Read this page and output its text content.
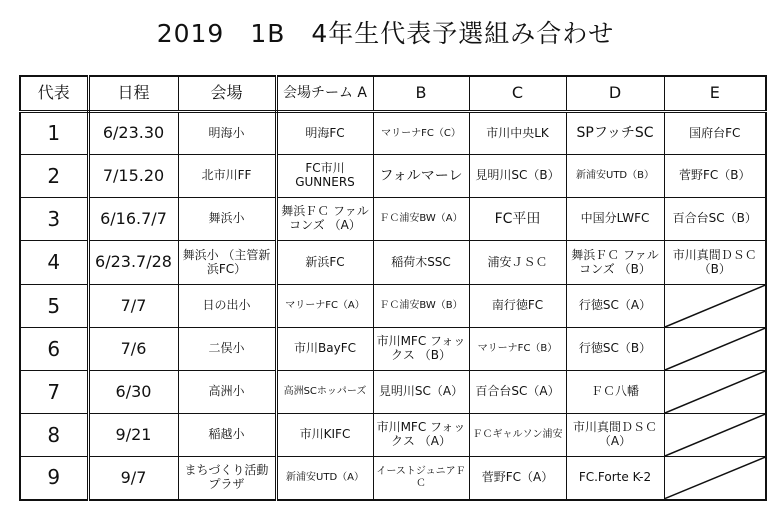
2019　1B　4年生代表予選組み合わせ
代表	日程	会場	会場チーム A	B	C	D	E
1	6/23.30	明海小	明海FC	マリーナFC（C）	市川中央LK	SPフッチSC	国府台FC
2	7/15.20	北市川FF	FC市川 GUNNERS	フォルマーレ	見明川SC（B）	新浦安UTD（B）	菅野FC（B）
3	6/16.7/7	舞浜小	舞浜ＦＣ ファルコンズ （A）	ＦＣ浦安BW（A）	FC平田	中国分LWFC	百合台SC（B）
4	6/23.7/28	舞浜小 （主管新浜FC）	新浜FC	稲荷木SSC	浦安ＪＳＣ	舞浜ＦＣ ファルコンズ （B）	市川真間ＤＳＣ（B）
5	7/7	日の出小	マリーナFC（A）	ＦＣ浦安BW（B）	南行徳FC	行徳SC（A）	

6	7/6	二俣小	市川BayFC	市川MFC フォックス （B）	マリーナFC（B）	行徳SC（B）	

7	6/30	高洲小	高洲SCホッパーズ	見明川SC（A）	百合台SC（A）	ＦＣ八幡	

8	9/21	稲越小	市川KIFC	市川MFC フォックス （A）	ＦＣギャルソン浦安	市川真間ＤＳＣ （A）	

9	9/7	まちづくり活動 プラザ	新浦安UTD（A）	イーストジュニアＦＣ	菅野FC（A）	FC.Forte K-2	
